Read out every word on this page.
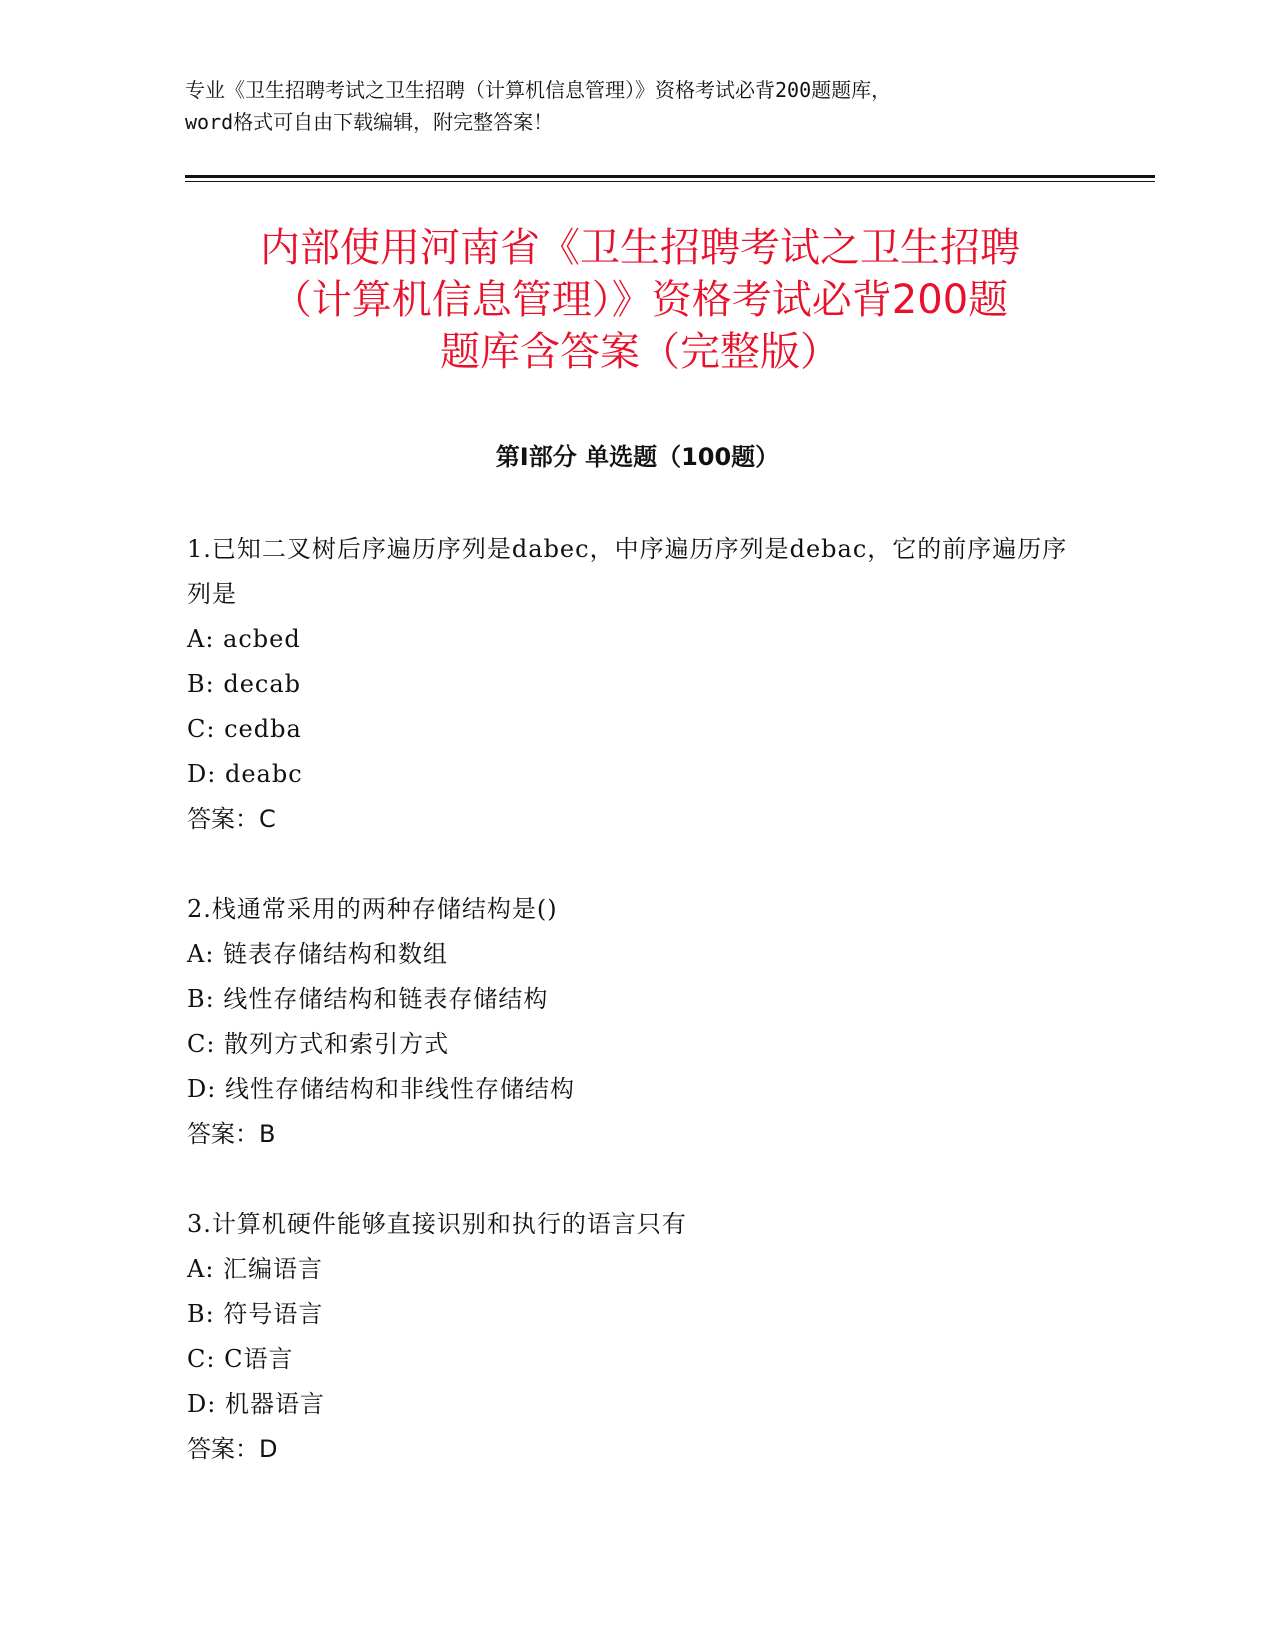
专业《卫生招聘考试之卫生招聘（计算机信息管理）》资格考试必背200题题库，
word格式可自由下载编辑，附完整答案！
内部使用河南省《卫生招聘考试之卫生招聘
（计算机信息管理）》资格考试必背200题
题库含答案（完整版）
第Ⅰ部分 单选题（100题）

1.已知二叉树后序遍历序列是dabec，中序遍历序列是debac，它的前序遍历序列是

A: acbed
B: decab
C: cedba
D: deabc

答案：C

2.栈通常采用的两种存储结构是()

A: 链表存储结构和数组
B: 线性存储结构和链表存储结构
C: 散列方式和索引方式
D: 线性存储结构和非线性存储结构

答案：B

3.计算机硬件能够直接识别和执行的语言只有

A: 汇编语言
B: 符号语言
C: C语言
D: 机器语言

答案：D
